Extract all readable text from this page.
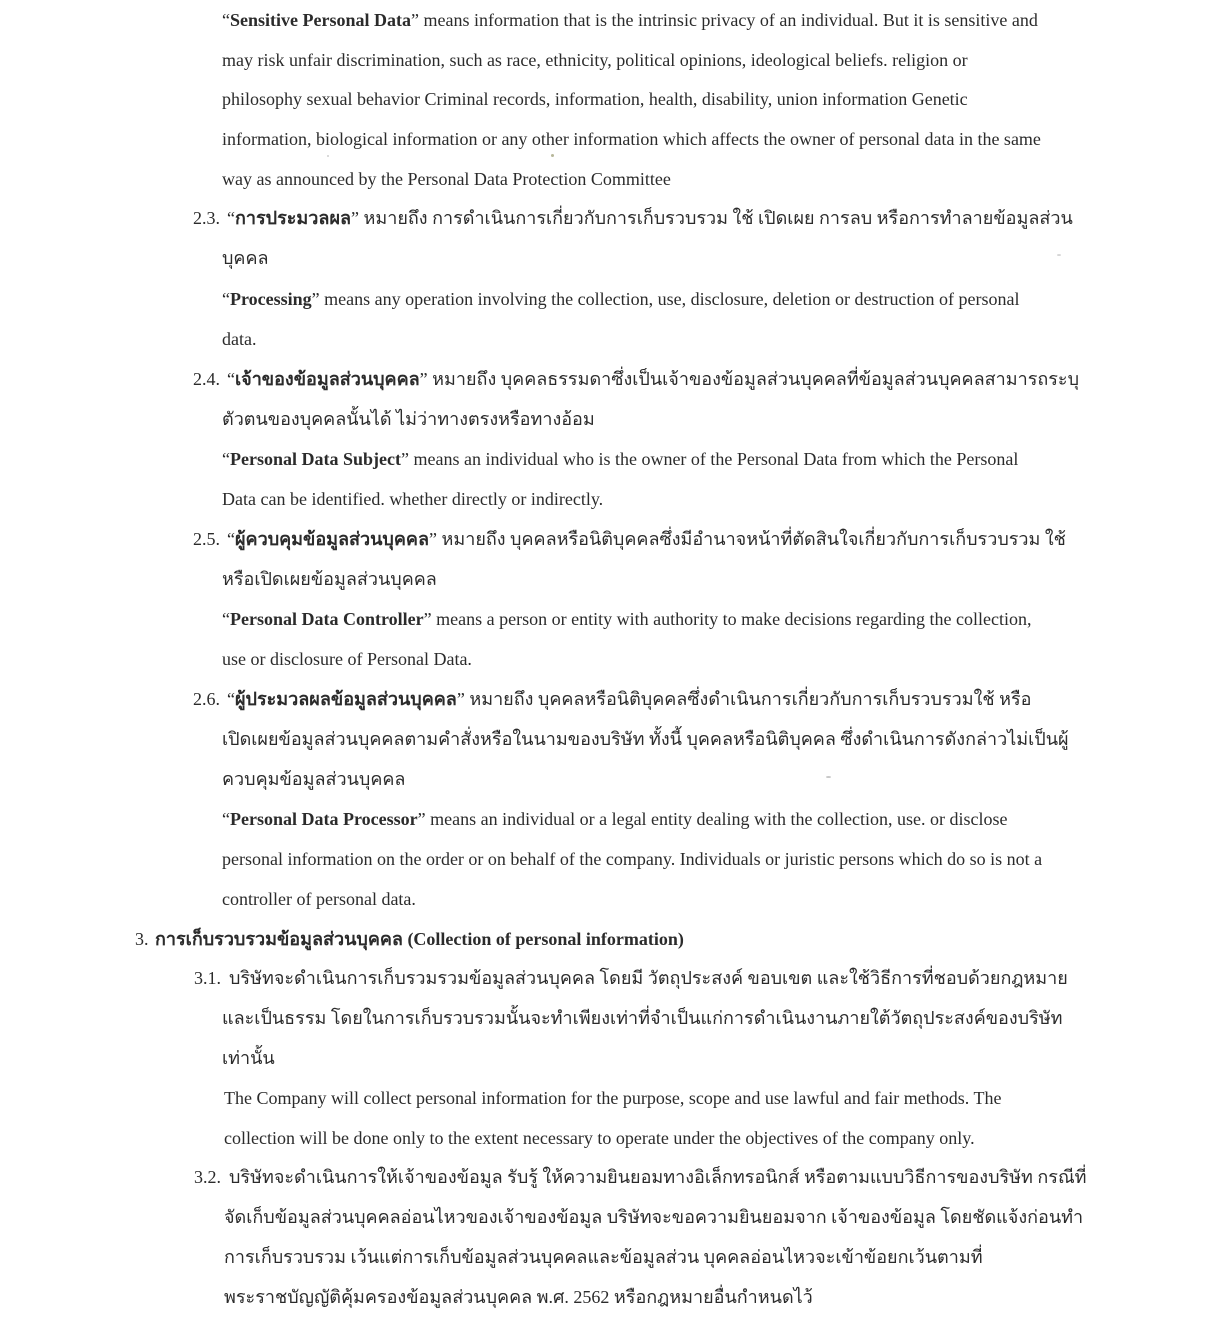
“Sensitive Personal Data” means information that is the intrinsic privacy of an individual. But it is sensitive and
may risk unfair discrimination, such as race, ethnicity, political opinions, ideological beliefs. religion or
philosophy sexual behavior Criminal records, information, health, disability, union information Genetic
information, biological information or any other information which affects the owner of personal data in the same
way as announced by the Personal Data Protection Committee
2.3. “การประมวลผล” หมายถึง การดำเนินการเกี่ยวกับการเก็บรวบรวม ใช้ เปิดเผย การลบ หรือการทำลายข้อมูลส่วน
บุคคล
“Processing” means any operation involving the collection, use, disclosure, deletion or destruction of personal
data.
2.4. “เจ้าของข้อมูลส่วนบุคคล” หมายถึง บุคคลธรรมดาซึ่งเป็นเจ้าของข้อมูลส่วนบุคคลที่ข้อมูลส่วนบุคคลสามารถระบุ
ตัวตนของบุคคลนั้นได้ ไม่ว่าทางตรงหรือทางอ้อม
“Personal Data Subject” means an individual who is the owner of the Personal Data from which the Personal
Data can be identified. whether directly or indirectly.
2.5. “ผู้ควบคุมข้อมูลส่วนบุคคล” หมายถึง บุคคลหรือนิติบุคคลซึ่งมีอำนาจหน้าที่ตัดสินใจเกี่ยวกับการเก็บรวบรวม ใช้
หรือเปิดเผยข้อมูลส่วนบุคคล
“Personal Data Controller” means a person or entity with authority to make decisions regarding the collection,
use or disclosure of Personal Data.
2.6. “ผู้ประมวลผลข้อมูลส่วนบุคคล” หมายถึง บุคคลหรือนิติบุคคลซึ่งดำเนินการเกี่ยวกับการเก็บรวบรวมใช้ หรือ
เปิดเผยข้อมูลส่วนบุคคลตามคำสั่งหรือในนามของบริษัท ทั้งนี้ บุคคลหรือนิติบุคคล ซึ่งดำเนินการดังกล่าวไม่เป็นผู้
ควบคุมข้อมูลส่วนบุคคล
“Personal Data Processor” means an individual or a legal entity dealing with the collection, use. or disclose
personal information on the order or on behalf of the company. Individuals or juristic persons which do so is not a
controller of personal data.
3. การเก็บรวบรวมข้อมูลส่วนบุคคล (Collection of personal information)
3.1. บริษัทจะดำเนินการเก็บรวมรวมข้อมูลส่วนบุคคล โดยมี วัตถุประสงค์ ขอบเขต และใช้วิธีการที่ชอบด้วยกฎหมาย
และเป็นธรรม โดยในการเก็บรวบรวมนั้นจะทำเพียงเท่าที่จำเป็นแก่การดำเนินงานภายใต้วัตถุประสงค์ของบริษัท
เท่านั้น
The Company will collect personal information for the purpose, scope and use lawful and fair methods. The
collection will be done only to the extent necessary to operate under the objectives of the company only.
3.2. บริษัทจะดำเนินการให้เจ้าของข้อมูล รับรู้ ให้ความยินยอมทางอิเล็กทรอนิกส์ หรือตามแบบวิธีการของบริษัท กรณีที่
จัดเก็บข้อมูลส่วนบุคคลอ่อนไหวของเจ้าของข้อมูล บริษัทจะขอความยินยอมจาก เจ้าของข้อมูล โดยชัดแจ้งก่อนทำ
การเก็บรวบรวม เว้นแต่การเก็บข้อมูลส่วนบุคคลและข้อมูลส่วน บุคคลอ่อนไหวจะเข้าข้อยกเว้นตามที่
พระราชบัญญัติคุ้มครองข้อมูลส่วนบุคคล พ.ศ. 2562 หรือกฎหมายอื่นกำหนดไว้
